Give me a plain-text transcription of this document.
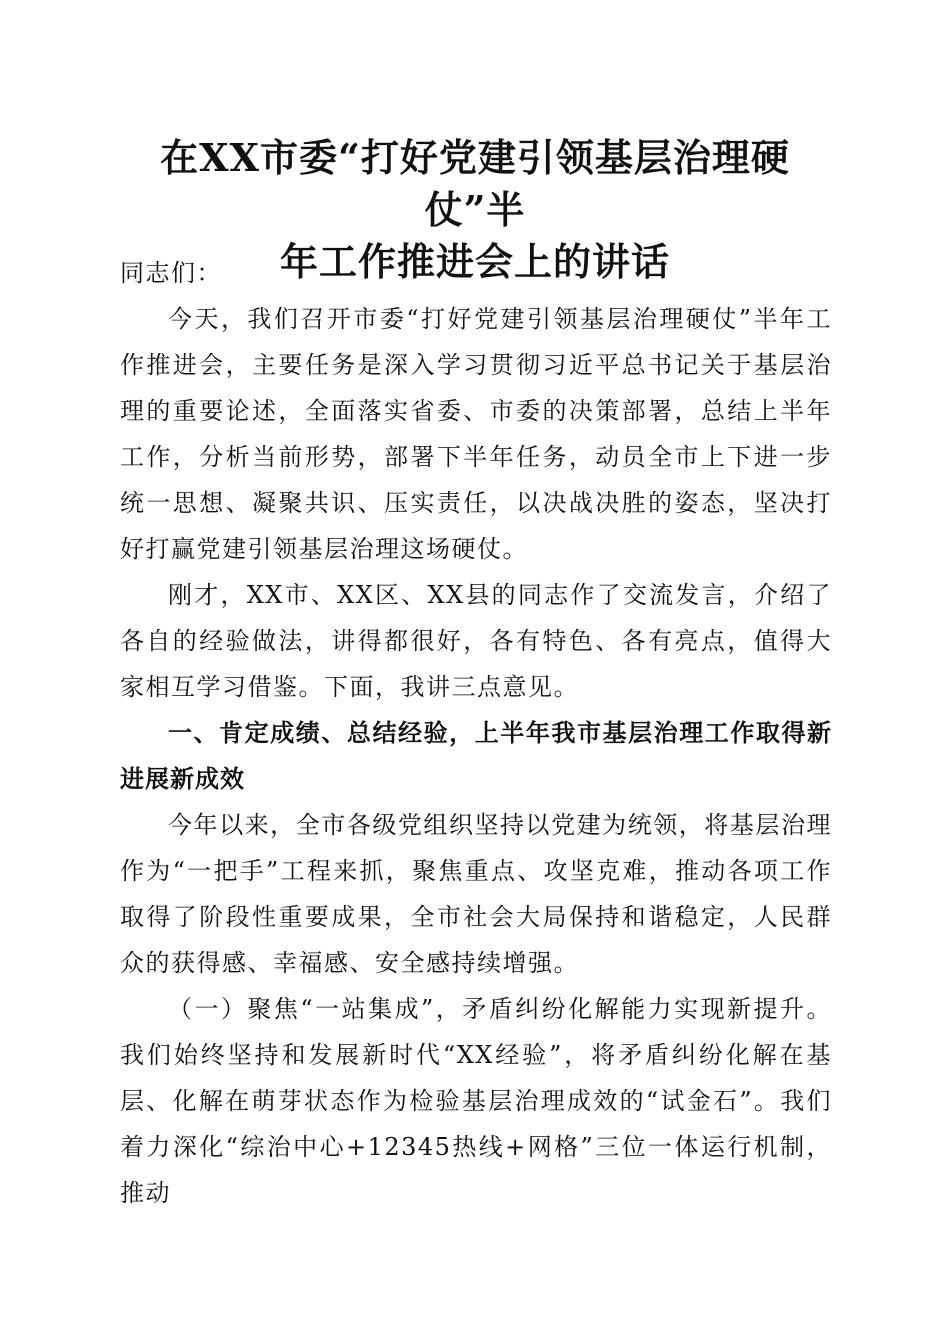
在XX市委“打好党建引领基层治理硬仗”半
年工作推进会上的讲话

同志们：

今天，我们召开市委“打好党建引领基层治理硬仗”半年工作推进会，主要任务是深入学习贯彻习近平总书记关于基层治理的重要论述，全面落实省委、市委的决策部署，总结上半年工作，分析当前形势，部署下半年任务，动员全市上下进一步统一思想、凝聚共识、压实责任，以决战决胜的姿态，坚决打好打赢党建引领基层治理这场硬仗。

刚才，XX市、XX区、XX县的同志作了交流发言，介绍了各自的经验做法，讲得都很好，各有特色、各有亮点，值得大家相互学习借鉴。下面，我讲三点意见。

一、肯定成绩、总结经验，上半年我市基层治理工作取得新进展新成效

今年以来，全市各级党组织坚持以党建为统领，将基层治理作为“一把手”工程来抓，聚焦重点、攻坚克难，推动各项工作取得了阶段性重要成果，全市社会大局保持和谐稳定，人民群众的获得感、幸福感、安全感持续增强。

（一）聚焦“一站集成”，矛盾纠纷化解能力实现新提升。我们始终坚持和发展新时代“XX经验”，将矛盾纠纷化解在基层、化解在萌芽状态作为检验基层治理成效的“试金石”。我们着力深化“综治中心+12345热线+网格”三位一体运行机制，推动
